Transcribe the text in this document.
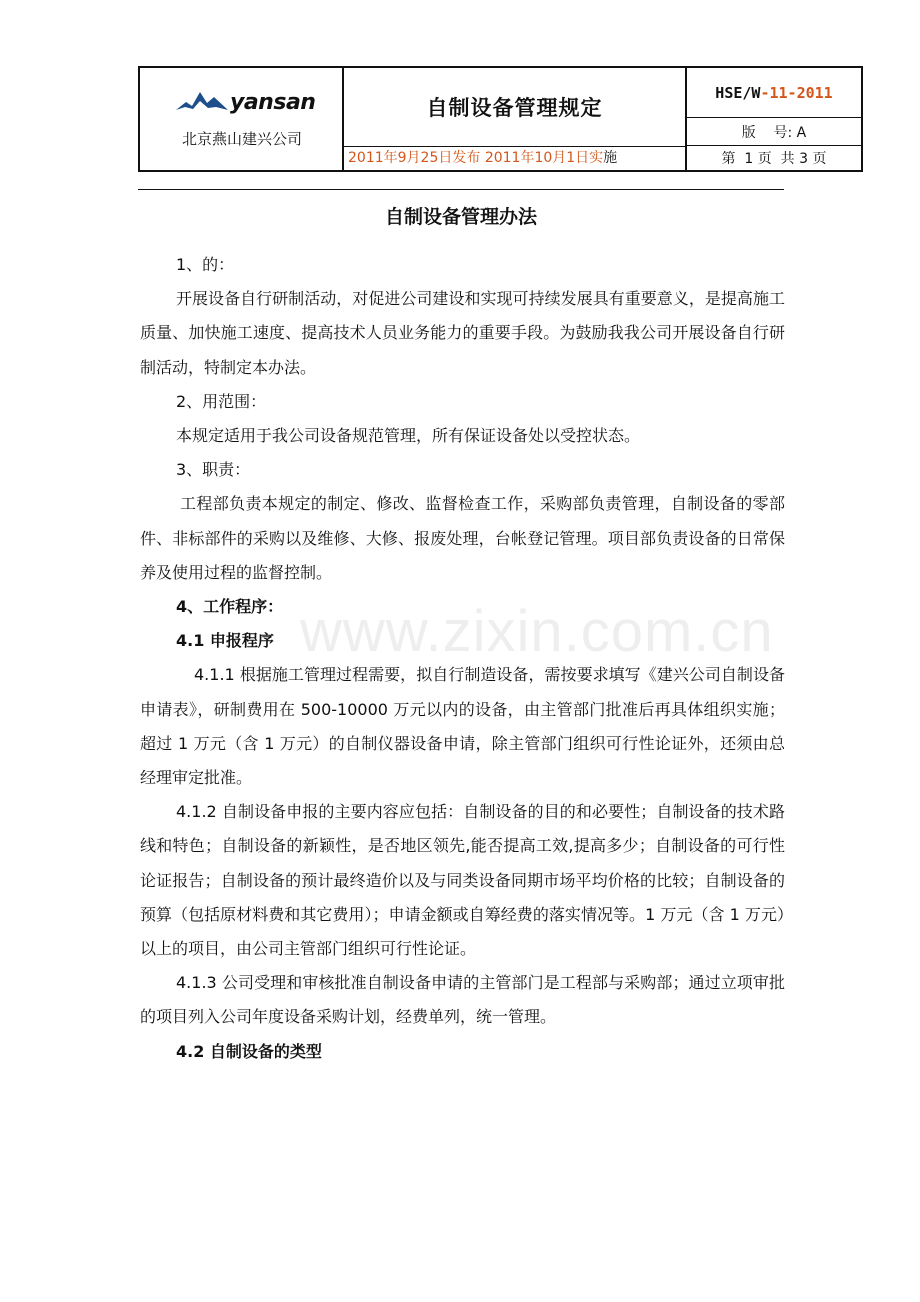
yansan
北京燕山建兴公司
自制设备管理规定
2011年9月25日发布 2011年10月1日实施
HSE/W -11-2011
版    号: A
第  1 页  共 3 页
自制设备管理办法
www.zixin.com.cn

1、的：

开展设备自行研制活动，对促进公司建设和实现可持续发展具有重要意义，是提高施工质量、加快施工速度、提高技术人员业务能力的重要手段。为鼓励我我公司开展设备自行研制活动，特制定本办法。

2、用范围：

本规定适用于我公司设备规范管理，所有保证设备处以受控状态。

3、职责：

工程部负责本规定的制定、修改、监督检查工作，采购部负责管理，自制设备的零部件、非标部件的采购以及维修、大修、报废处理，台帐登记管理。项目部负责设备的日常保养及使用过程的监督控制。

4、工作程序：

4.1 申报程序

4.1.1 根据施工管理过程需要，拟自行制造设备，需按要求填写《建兴公司自制设备申请表》，研制费用在 500-10000 万元以内的设备，由主管部门批准后再具体组织实施；超过 1 万元（含 1 万元）的自制仪器设备申请，除主管部门组织可行性论证外，还须由总经理审定批准。

4.1.2 自制设备申报的主要内容应包括：自制设备的目的和必要性；自制设备的技术路线和特色；自制设备的新颖性，是否地区领先,能否提高工效,提高多少；自制设备的可行性论证报告；自制设备的预计最终造价以及与同类设备同期市场平均价格的比较；自制设备的预算（包括原材料费和其它费用）；申请金额或自筹经费的落实情况等。1 万元（含 1 万元）以上的项目，由公司主管部门组织可行性论证。

4.1.3 公司受理和审核批准自制设备申请的主管部门是工程部与采购部；通过立项审批的项目列入公司年度设备采购计划，经费单列，统一管理。

4.2 自制设备的类型
